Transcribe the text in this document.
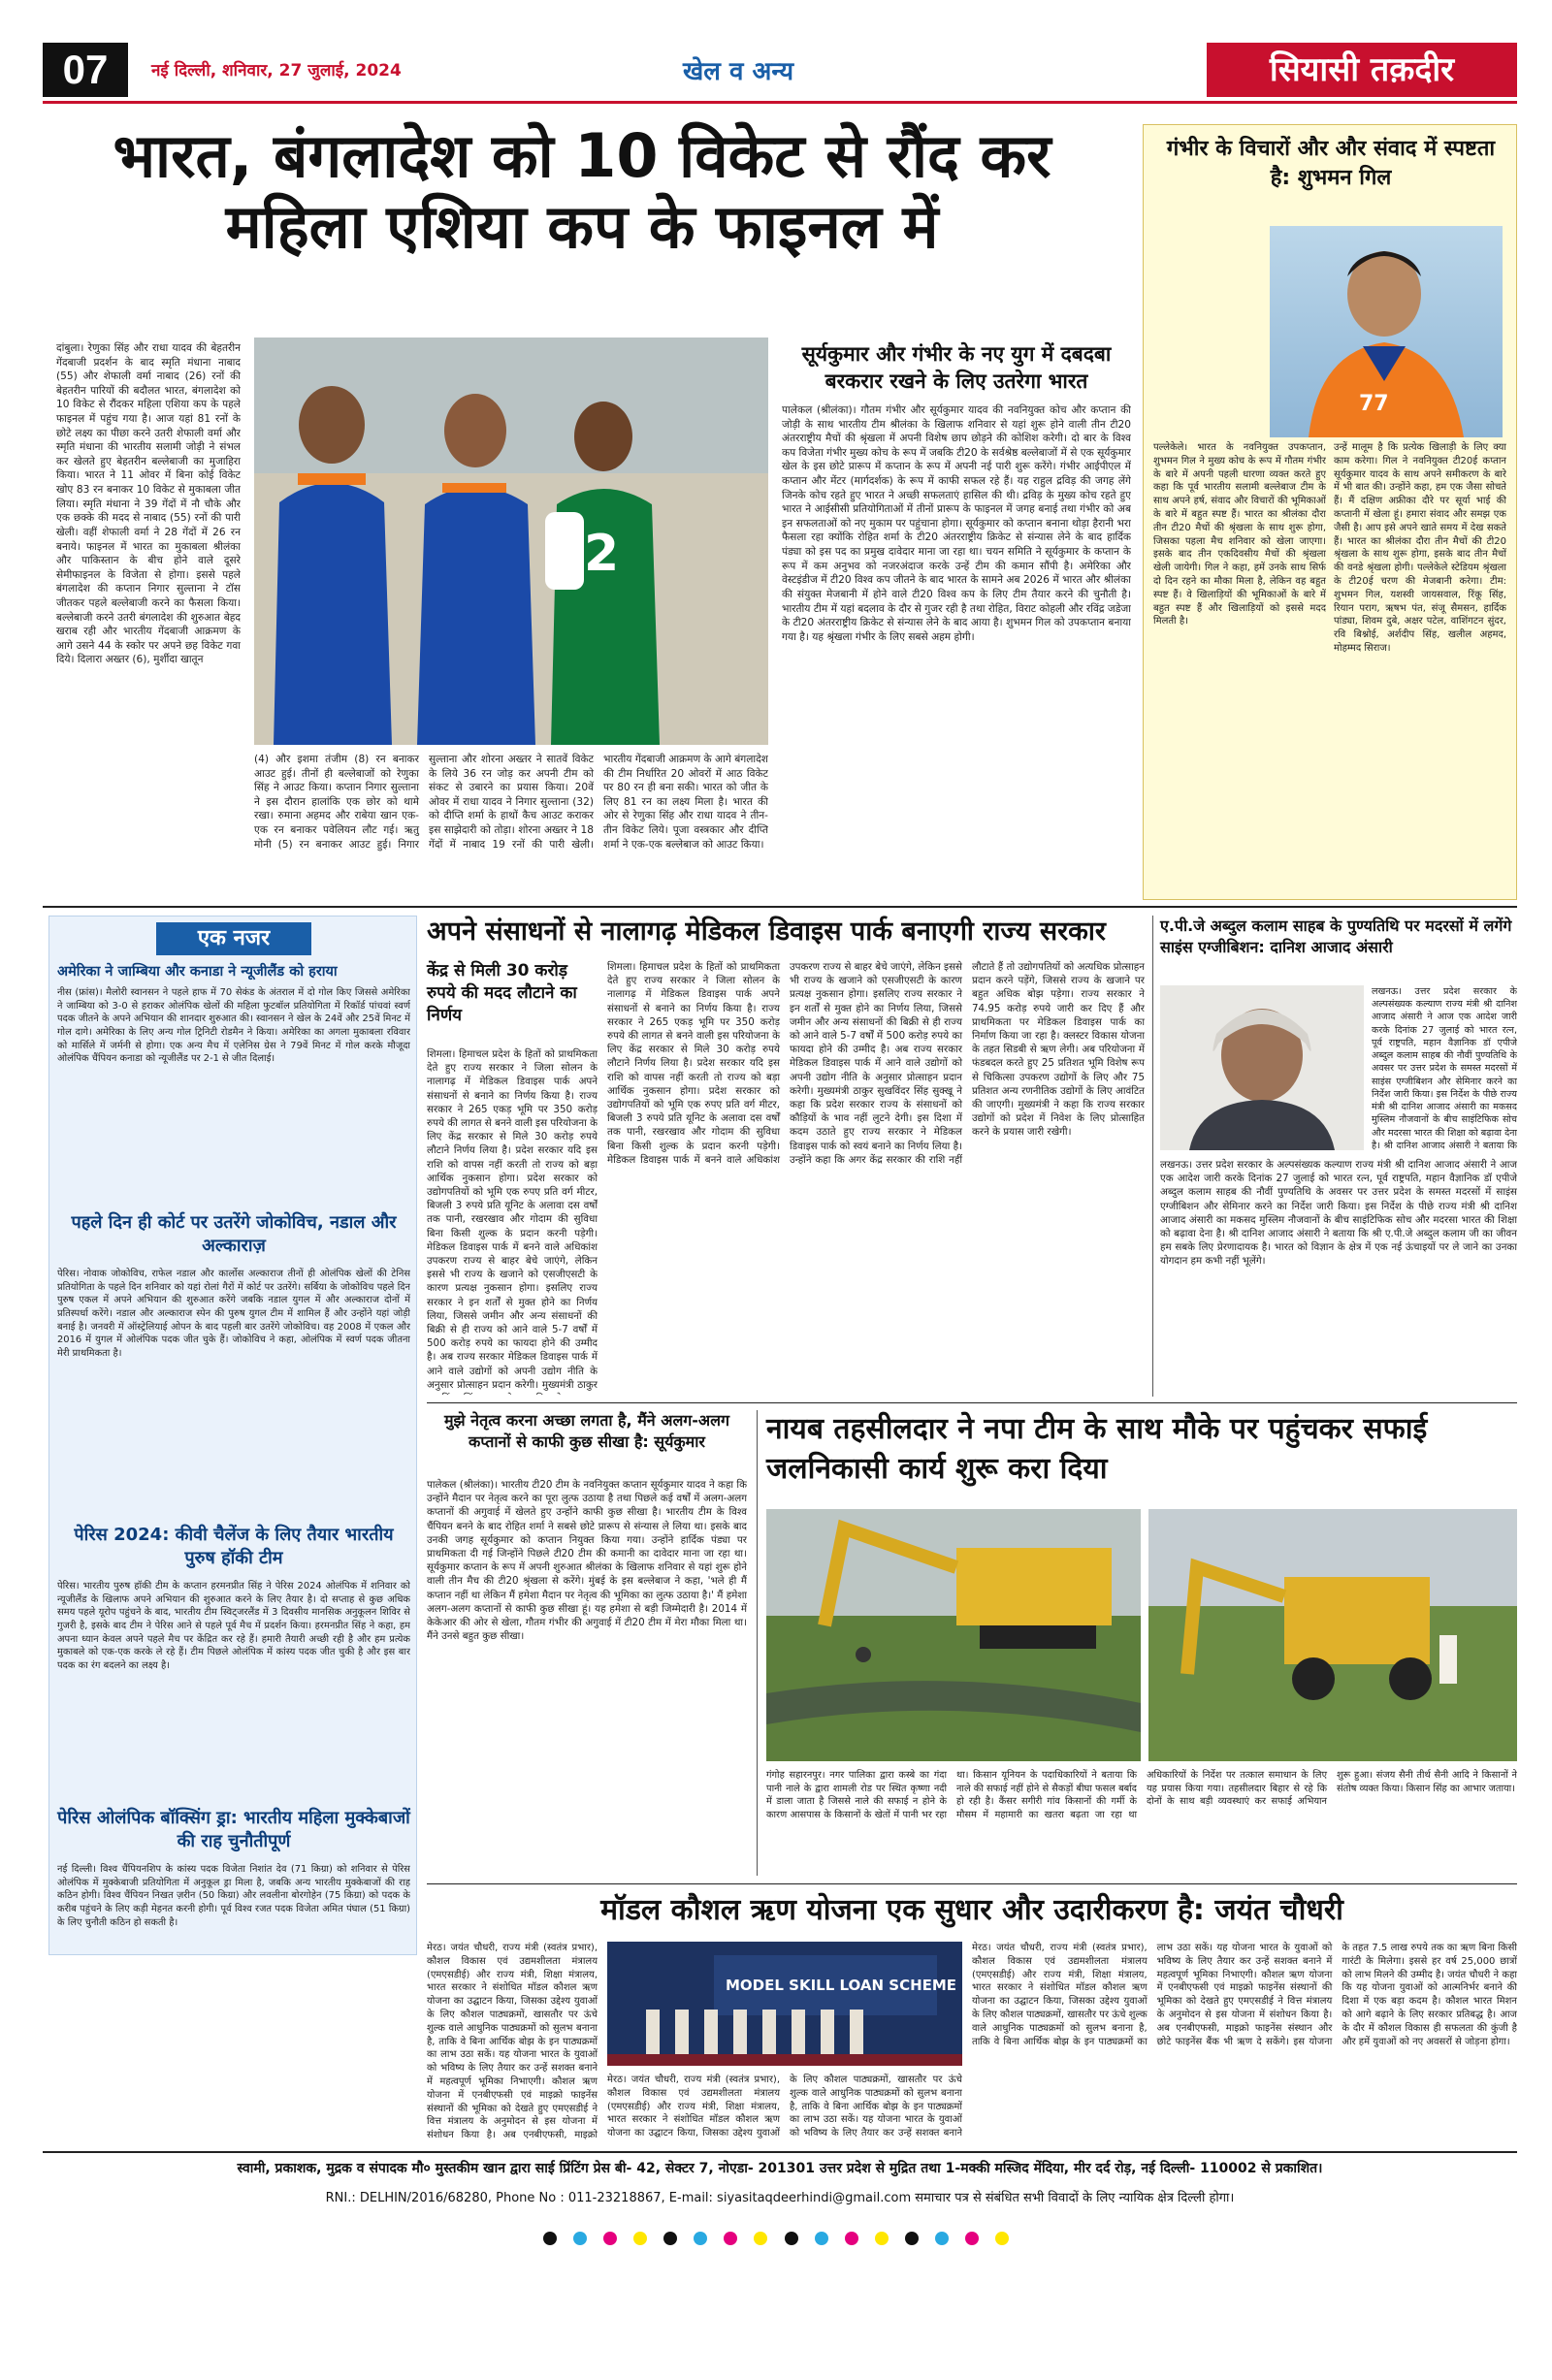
07	नई दिल्ली, शनिवार, 27 जुलाई, 2024	खेल व अन्य	सियासी तक़दीर
भारत, बंगलादेश को 10 विकेट से रौंद कर महिला एशिया कप के फाइनल में
गंभीर के विचारों और और संवाद में स्पष्टता है: शुभमन गिल
77
पल्लेकेले। भारत के नवनियुक्त उपकप्तान, शुभमन गिल ने मुख्य कोच के रूप में गौतम गंभीर के बारे में अपनी पहली धारणा व्यक्त करते हुए कहा कि पूर्व भारतीय सलामी बल्लेबाज टीम के साथ अपने हर्ष, संवाद और विचारों की भूमिकाओं के बारे में बहुत स्पष्ट हैं। भारत का श्रीलंका दौरा तीन टी20 मैचों की श्रृंखला के साथ शुरू होगा, जिसका पहला मैच शनिवार को खेला जाएगा। इसके बाद तीन एकदिवसीय मैचों की श्रृंखला खेली जायेगी। गिल ने कहा, हमें उनके साथ सिर्फ दो दिन रहने का मौका मिला है, लेकिन वह बहुत स्पष्ट हैं। वे खिलाड़ियों की भूमिकाओं के बारे में बहुत स्पष्ट हैं और खिलाड़ियों को इससे मदद मिलती है।
उन्हें मालूम है कि प्रत्येक खिलाड़ी के लिए क्या काम करेगा। गिल ने नवनियुक्त टी20ई कप्तान सूर्यकुमार यादव के साथ अपने समीकरण के बारे में भी बात की। उन्होंने कहा, हम एक जैसा सोचते हैं। मैं दक्षिण अफ्रीका दौरे पर सूर्या भाई की कप्तानी में खेला हूं। हमारा संवाद और समझ एक जैसी है। आप इसे अपने खाते समय में देख सकते हैं। भारत का श्रीलंका दौरा तीन मैचों की टी20 श्रृंखला के साथ शुरू होगा, इसके बाद तीन मैचों की वनडे श्रृंखला होगी। पल्लेकेले स्टेडियम श्रृंखला के टी20ई चरण की मेजबानी करेगा। टीम: शुभमन गिल, यशस्वी जायसवाल, रिंकू सिंह, रियान पराग, ऋषभ पंत, संजू सैमसन, हार्दिक पांड्या, शिवम दुबे, अक्षर पटेल, वाशिंगटन सुंदर, रवि बिश्नोई, अर्शदीप सिंह, खलील अहमद, मोहम्मद सिराज।
दांबुला। रेणुका सिंह और राधा यादव की बेहतरीन गेंदबाजी प्रदर्शन के बाद स्मृति मंधाना नाबाद (55) और शेफाली वर्मा नाबाद (26) रनों की बेहतरीन पारियों की बदौलत भारत, बंगलादेश को 10 विकेट से रौंदकर महिला एशिया कप के पहले फाइनल में पहुंच गया है। आज यहां 81 रनों के छोटे लक्ष्य का पीछा करने उतरी शेफाली वर्मा और स्मृति मंधाना की भारतीय सलामी जोड़ी ने संभल कर खेलते हुए बेहतरीन बल्लेबाजी का मुजाहिरा किया। भारत ने 11 ओवर में बिना कोई विकेट खोए 83 रन बनाकर 10 विकेट से मुकाबला जीत लिया। स्मृति मंधाना ने 39 गेंदों में नौ चौके और एक छक्के की मदद से नाबाद (55) रनों की पारी खेली। वहीं शेफाली वर्मा ने 28 गेंदों में 26 रन बनाये। फाइनल में भारत का मुकाबला श्रीलंका और पाकिस्तान के बीच होने वाले दूसरे सेमीफाइनल के विजेता से होगा। इससे पहले बंगलादेश की कप्तान निगार सुल्ताना ने टॉस जीतकर पहले बल्लेबाजी करने का फैसला किया। बल्लेबाजी करने उतरी बंगलादेश की शुरुआत बेहद खराब रही और भारतीय गेंदबाजी आक्रमण के आगे उसने 44 के स्कोर पर अपने छह विकेट गवा दिये। दिलारा अख्तर (6), मुर्शीदा खातून
2
(4) और इशमा तंजीम (8) रन बनाकर आउट हुई। तीनों ही बल्लेबाजों को रेणुका सिंह ने आउट किया। कप्तान निगार सुल्ताना ने इस दौरान हालांकि एक छोर को थामे रखा। रुमाना अहमद और राबेया खान एक-एक रन बनाकर पवेलियन लौट गई। ऋतु मोनी (5) रन बनाकर आउट हुई। निगार सुल्ताना और शोरना अख्तर ने सातवें विकेट के लिये 36 रन जोड़ कर अपनी टीम को संकट से उबारने का प्रयास किया। 20वें ओवर में राधा यादव ने निगार सुल्ताना (32) को दीप्ति शर्मा के हाथों कैच आउट कराकर इस साझेदारी को तोड़ा। शोरना अख्तर ने 18 गेंदों में नाबाद 19 रनों की पारी खेली। भारतीय गेंदबाजी आक्रमण के आगे बंगलादेश की टीम निर्धारित 20 ओवरों में आठ विकेट पर 80 रन ही बना सकी। भारत को जीत के लिए 81 रन का लक्ष्य मिला है। भारत की ओर से रेणुका सिंह और राधा यादव ने तीन-तीन विकेट लिये। पूजा वस्त्रकार और दीप्ति शर्मा ने एक-एक बल्लेबाज को आउट किया।
सूर्यकुमार और गंभीर के नए युग में दबदबा बरकरार रखने के लिए उतरेगा भारत
पालेकल (श्रीलंका)। गौतम गंभीर और सूर्यकुमार यादव की नवनियुक्त कोच और कप्तान की जोड़ी के साथ भारतीय टीम श्रीलंका के खिलाफ शनिवार से यहां शुरू होने वाली तीन टी20 अंतरराष्ट्रीय मैचों की श्रृंखला में अपनी विशेष छाप छोड़ने की कोशिश करेगी। दो बार के विश्व कप विजेता गंभीर मुख्य कोच के रूप में जबकि टी20 के सर्वश्रेष्ठ बल्लेबाजों में से एक सूर्यकुमार खेल के इस छोटे प्रारूप में कप्तान के रूप में अपनी नई पारी शुरू करेंगे। गंभीर आईपीएल में कप्तान और मेंटर (मार्गदर्शक) के रूप में काफी सफल रहे हैं। यह राहुल द्रविड़ की जगह लेंगे जिनके कोच रहते हुए भारत ने अच्छी सफलताएं हासिल की थी। द्रविड़ के मुख्य कोच रहते हुए भारत ने आईसीसी प्रतियोगिताओं में तीनों प्रारूप के फाइनल में जगह बनाई तथा गंभीर को अब इन सफलताओं को नए मुकाम पर पहुंचाना होगा। सूर्यकुमार को कप्तान बनाना थोड़ा हैरानी भरा फैसला रहा क्योंकि रोहित शर्मा के टी20 अंतरराष्ट्रीय क्रिकेट से संन्यास लेने के बाद हार्दिक पंड्या को इस पद का प्रमुख दावेदार माना जा रहा था। चयन समिति ने सूर्यकुमार के कप्तान के रूप में कम अनुभव को नजरअंदाज करके उन्हें टीम की कमान सौंपी है। अमेरिका और वेस्टइंडीज में टी20 विश्व कप जीतने के बाद भारत के सामने अब 2026 में भारत और श्रीलंका की संयुक्त मेजबानी में होने वाले टी20 विश्व कप के लिए टीम तैयार करने की चुनौती है। भारतीय टीम में यहां बदलाव के दौर से गुजर रही है तथा रोहित, विराट कोहली और रविंद्र जडेजा के टी20 अंतरराष्ट्रीय क्रिकेट से संन्यास लेने के बाद आया है। शुभमन गिल को उपकप्तान बनाया गया है। यह श्रृंखला गंभीर के लिए सबसे अहम होगी।
एक नजर
अमेरिका ने जाम्बिया और कनाडा ने न्यूजीलैंड को हराया
नीस (फ्रांस)। मैलोरी स्वानसन ने पहले हाफ में 70 सेकंड के अंतराल में दो गोल किए जिससे अमेरिका ने जाम्बिया को 3-0 से हराकर ओलंपिक खेलों की महिला फुटबॉल प्रतियोगिता में रिकॉर्ड पांचवां स्वर्ण पदक जीतने के अपने अभियान की शानदार शुरुआत की। स्वानसन ने खेल के 24वें और 25वें मिनट में गोल दागे। अमेरिका के लिए अन्य गोल ट्रिनिटी रोडमैन ने किया। अमेरिका का अगला मुकाबला रविवार को मार्सिले में जर्मनी से होगा। एक अन्य मैच में एलेनिस ग्रेस ने 79वें मिनट में गोल करके मौजूदा ओलंपिक चैंपियन कनाडा को न्यूजीलैंड पर 2-1 से जीत दिलाई।
पहले दिन ही कोर्ट पर उतरेंगे जोकोविच, नडाल और अल्काराज़
पेरिस। नोवाक जोकोविच, राफेल नडाल और कार्लोस अल्काराज तीनों ही ओलंपिक खेलों की टेनिस प्रतियोगिता के पहले दिन शनिवार को यहां रोलां गैरों में कोर्ट पर उतरेंगे। सर्बिया के जोकोविच पहले दिन पुरुष एकल में अपने अभियान की शुरुआत करेंगे जबकि नडाल युगल में और अल्काराज दोनों में प्रतिस्पर्धा करेंगे। नडाल और अल्काराज स्पेन की पुरुष युगल टीम में शामिल हैं और उन्होंने यहां जोड़ी बनाई है। जनवरी में ऑस्ट्रेलियाई ओपन के बाद पहली बार उतरेंगे जोकोविच। वह 2008 में एकल और 2016 में युगल में ओलंपिक पदक जीत चुके हैं। जोकोविच ने कहा, ओलंपिक में स्वर्ण पदक जीतना मेरी प्राथमिकता है।
पेरिस 2024: कीवी चैलेंज के लिए तैयार भारतीय पुरुष हॉकी टीम
पेरिस। भारतीय पुरुष हॉकी टीम के कप्तान हरमनप्रीत सिंह ने पेरिस 2024 ओलंपिक में शनिवार को न्यूजीलैंड के खिलाफ अपने अभियान की शुरुआत करने के लिए तैयार है। दो सप्ताह से कुछ अधिक समय पहले यूरोप पहुंचने के बाद, भारतीय टीम स्विट्जरलैंड में 3 दिवसीय मानसिक अनुकूलन शिविर से गुजरी है, इसके बाद टीम ने पेरिस आने से पहले पूर्व मैच में प्रदर्शन किया। हरमनप्रीत सिंह ने कहा, हम अपना ध्यान केवल अपने पहले मैच पर केंद्रित कर रहे हैं। हमारी तैयारी अच्छी रही है और हम प्रत्येक मुकाबले को एक-एक करके ले रहे हैं। टीम पिछले ओलंपिक में कांस्य पदक जीत चुकी है और इस बार पदक का रंग बदलने का लक्ष्य है।
पेरिस ओलंपिक बॉक्सिंग ड्रा: भारतीय महिला मुक्केबाजों की राह चुनौतीपूर्ण
नई दिल्ली। विश्व चैंपियनशिप के कांस्य पदक विजेता निशांत देव (71 किग्रा) को शनिवार से पेरिस ओलंपिक में मुक्केबाजी प्रतियोगिता में अनुकूल ड्रा मिला है, जबकि अन्य भारतीय मुक्केबाजों की राह कठिन होगी। विश्व चैंपियन निखत ज़रीन (50 किग्रा) और लवलीना बोरगोहेन (75 किग्रा) को पदक के करीब पहुंचने के लिए कड़ी मेहनत करनी होगी। पूर्व विश्व रजत पदक विजेता अमित पंघाल (51 किग्रा) के लिए चुनौती कठिन हो सकती है।
अपने संसाधनों से नालागढ़ मेडिकल डिवाइस पार्क बनाएगी राज्य सरकार
केंद्र से मिली 30 करोड़ रुपये की मदद लौटाने का निर्णय
शिमला। हिमाचल प्रदेश के हितों को प्राथमिकता देते हुए राज्य सरकार ने जिला सोलन के नालागढ़ में मेडिकल डिवाइस पार्क अपने संसाधनों से बनाने का निर्णय किया है। राज्य सरकार ने 265 एकड़ भूमि पर 350 करोड़ रुपये की लागत से बनने वाली इस परियोजना के लिए केंद्र सरकार से मिले 30 करोड़ रुपये लौटाने निर्णय लिया है। प्रदेश सरकार यदि इस राशि को वापस नहीं करती तो राज्य को बड़ा आर्थिक नुकसान होगा। प्रदेश सरकार को उद्योगपतियों को भूमि एक रुपए प्रति वर्ग मीटर, बिजली 3 रुपये प्रति यूनिट के अलावा दस वर्षों तक पानी, रखरखाव और गोदाम की सुविधा बिना किसी शुल्क के प्रदान करनी पड़ेगी। मेडिकल डिवाइस पार्क में बनने वाले अधिकांश उपकरण राज्य से बाहर बेचे जाएंगे, लेकिन इससे भी राज्य के खजाने को एसजीएसटी के कारण प्रत्यक्ष नुकसान होगा। इसलिए राज्य सरकार ने इन शर्तों से मुक्त होने का निर्णय लिया, जिससे जमीन और अन्य संसाधनों की बिक्री से ही राज्य को आने वाले 5-7 वर्षों में 500 करोड़ रुपये का फायदा होने की उम्मीद है। अब राज्य सरकार मेडिकल डिवाइस पार्क में आने वाले उद्योगों को अपनी उद्योग नीति के अनुसार प्रोत्साहन प्रदान करेगी। मुख्यमंत्री ठाकुर
शिमला। हिमाचल प्रदेश के हितों को प्राथमिकता देते हुए राज्य सरकार ने जिला सोलन के नालागढ़ में मेडिकल डिवाइस पार्क अपने संसाधनों से बनाने का निर्णय किया है। राज्य सरकार ने 265 एकड़ भूमि पर 350 करोड़ रुपये की लागत से बनने वाली इस परियोजना के लिए केंद्र सरकार से मिले 30 करोड़ रुपये लौटाने निर्णय लिया है। प्रदेश सरकार यदि इस राशि को वापस नहीं करती तो राज्य को बड़ा आर्थिक नुकसान होगा। प्रदेश सरकार को उद्योगपतियों को भूमि एक रुपए प्रति वर्ग मीटर, बिजली 3 रुपये प्रति यूनिट के अलावा दस वर्षों तक पानी, रखरखाव और गोदाम की सुविधा बिना किसी शुल्क के प्रदान करनी पड़ेगी। मेडिकल डिवाइस पार्क में बनने वाले अधिकांश उपकरण राज्य से बाहर बेचे जाएंगे, लेकिन इससे भी राज्य के खजाने को एसजीएसटी के कारण प्रत्यक्ष नुकसान होगा। इसलिए राज्य सरकार ने इन शर्तों से मुक्त होने का निर्णय लिया, जिससे जमीन और अन्य संसाधनों की बिक्री से ही राज्य को आने वाले 5-7 वर्षों में 500 करोड़ रुपये का फायदा होने की उम्मीद है। अब राज्य सरकार मेडिकल डिवाइस पार्क में आने वाले उद्योगों को अपनी उद्योग नीति के अनुसार प्रोत्साहन प्रदान करेगी। मुख्यमंत्री ठाकुर सुखविंदर सिंह सुक्खू ने कहा कि प्रदेश सरकार राज्य के संसाधनों को कौड़ियों के भाव नहीं लुटने देगी। इस दिशा में कदम उठाते हुए राज्य सरकार ने मेडिकल डिवाइस पार्क को स्वयं बनाने का निर्णय लिया है। उन्होंने कहा कि अगर केंद्र सरकार की राशि नहीं लौटाते हैं तो उद्योगपतियों को अत्यधिक प्रोत्साहन प्रदान करने पड़ेंगे, जिससे राज्य के खजाने पर बहुत अधिक बोझ पड़ेगा। राज्य सरकार ने 74.95 करोड़ रुपये जारी कर दिए हैं और प्राथमिकता पर मेडिकल डिवाइस पार्क का निर्माण किया जा रहा है। क्लस्टर विकास योजना के तहत सिडबी से ऋण लेगी। अब परियोजना में फंडबदल करते हुए 25 प्रतिशत भूमि विशेष रूप से चिकित्सा उपकरण उद्योगों के लिए और 75 प्रतिशत अन्य रणनीतिक उद्योगों के लिए आवंटित की जाएगी। मुख्यमंत्री ने कहा कि राज्य सरकार उद्योगों को प्रदेश में निवेश के लिए प्रोत्साहित करने के प्रयास जारी रखेगी।
ए.पी.जे अब्दुल कलाम साहब के पुण्यतिथि पर मदरसों में लगेंगे साइंस एग्जीबिशन: दानिश आजाद अंसारी
लखनऊ। उत्तर प्रदेश सरकार के अल्पसंख्यक कल्याण राज्य मंत्री श्री दानिश आजाद अंसारी ने आज एक आदेश जारी करके दिनांक 27 जुलाई को भारत रत्न, पूर्व राष्ट्रपति, महान वैज्ञानिक डॉ एपीजे अब्दुल कलाम साहब की नौवीं पुण्यतिथि के अवसर पर उत्तर प्रदेश के समस्त मदरसों में साइंस एग्जीबिशन और सेमिनार करने का निर्देश जारी किया। इस निर्देश के पीछे राज्य मंत्री श्री दानिश आजाद अंसारी का मकसद मुस्लिम नौजवानों के बीच साइंटिफिक सोच और मदरसा भारत की शिक्षा को बढ़ावा देना है। श्री दानिश आजाद अंसारी ने बताया कि
लखनऊ। उत्तर प्रदेश सरकार के अल्पसंख्यक कल्याण राज्य मंत्री श्री दानिश आजाद अंसारी ने आज एक आदेश जारी करके दिनांक 27 जुलाई को भारत रत्न, पूर्व राष्ट्रपति, महान वैज्ञानिक डॉ एपीजे अब्दुल कलाम साहब की नौवीं पुण्यतिथि के अवसर पर उत्तर प्रदेश के समस्त मदरसों में साइंस एग्जीबिशन और सेमिनार करने का निर्देश जारी किया। इस निर्देश के पीछे राज्य मंत्री श्री दानिश आजाद अंसारी का मकसद मुस्लिम नौजवानों के बीच साइंटिफिक सोच और मदरसा भारत की शिक्षा को बढ़ावा देना है। श्री दानिश आजाद अंसारी ने बताया कि श्री ए.पी.जे अब्दुल कलाम जी का जीवन हम सबके लिए प्रेरणादायक है। भारत को विज्ञान के क्षेत्र में एक नई ऊंचाइयों पर ले जाने का उनका योगदान हम कभी नहीं भूलेंगे।
मुझे नेतृत्व करना अच्छा लगता है, मैंने अलग-अलग कप्तानों से काफी कुछ सीखा है: सूर्यकुमार
पालेकल (श्रीलंका)। भारतीय टी20 टीम के नवनियुक्त कप्तान सूर्यकुमार यादव ने कहा कि उन्होंने मैदान पर नेतृत्व करने का पूरा लुत्फ उठाया है तथा पिछले कई वर्षों में अलग-अलग कप्तानों की अगुवाई में खेलते हुए उन्होंने काफी कुछ सीखा है। भारतीय टीम के विश्व चैंपियन बनने के बाद रोहित शर्मा ने सबसे छोटे प्रारूप से संन्यास ले लिया था। इसके बाद उनकी जगह सूर्यकुमार को कप्तान नियुक्त किया गया। उन्होंने हार्दिक पंड्या पर प्राथमिकता दी गई जिन्होंने पिछले टी20 टीम की कमानी का दावेदार माना जा रहा था। सूर्यकुमार कप्तान के रूप में अपनी शुरुआत श्रीलंका के खिलाफ शनिवार से यहां शुरू होने वाली तीन मैच की टी20 श्रृंखला से करेंगे। मुंबई के इस बल्लेबाज ने कहा, 'भले ही मैं कप्तान नहीं था लेकिन मैं हमेशा मैदान पर नेतृत्व की भूमिका का लुत्फ उठाया है।' मैं हमेशा अलग-अलग कप्तानों से काफी कुछ सीखा हूं। यह हमेशा से बड़ी जिम्मेदारी है। 2014 में केकेआर की ओर से खेला, गौतम गंभीर की अगुवाई में टी20 टीम में मेरा मौका मिला था। मैंने उनसे बहुत कुछ सीखा।
नायब तहसीलदार ने नपा टीम के साथ मौके पर पहुंचकर सफाई जलनिकासी कार्य शुरू करा दिया
गंगोह सहारनपुर। नगर पालिका द्वारा कस्बे का गंदा पानी नाले के द्वारा शामली रोड पर स्थित कृष्णा नदी में डाला जाता है जिससे नाले की सफाई न होने के कारण आसपास के किसानों के खेतों में पानी भर रहा था। किसान यूनियन के पदाधिकारियों ने बताया कि नाले की सफाई नहीं होने से सैकड़ों बीघा फसल बर्बाद हो रही है। कैंसर सगीरी गांव किसानों की गर्मी के मौसम में महामारी का खतरा बढ़ता जा रहा था अधिकारियों के निर्देश पर तत्काल समाधान के लिए यह प्रयास किया गया। तहसीलदार बिहार से रहे कि दोनों के साथ बड़ी व्यवस्थाएं कर सफाई अभियान शुरू हुआ। संजय सैनी तीर्थ सैनी आदि ने किसानों ने संतोष व्यक्त किया। किसान सिंह का आभार जताया।
मॉडल कौशल ऋण योजना एक सुधार और उदारीकरण है: जयंत चौधरी
मेरठ। जयंत चौधरी, राज्य मंत्री (स्वतंत्र प्रभार), कौशल विकास एवं उद्यमशीलता मंत्रालय (एमएसडीई) और राज्य मंत्री, शिक्षा मंत्रालय, भारत सरकार ने संशोधित मॉडल कौशल ऋण योजना का उद्घाटन किया, जिसका उद्देश्य युवाओं के लिए कौशल पाठ्यक्रमों, खासतौर पर ऊंचे शुल्क वाले आधुनिक पाठ्यक्रमों को सुलभ बनाना है, ताकि वे बिना आर्थिक बोझ के इन पाठ्यक्रमों का लाभ उठा सकें। यह योजना भारत के युवाओं को भविष्य के लिए तैयार कर उन्हें सशक्त बनाने में महत्वपूर्ण भूमिका निभाएगी। कौशल ऋण योजना में एनबीएफसी एवं माइक्रो फाइनेंस संस्थानों की भूमिका को देखते हुए एमएसडीई ने वित्त मंत्रालय के अनुमोदन से इस योजना में संशोधन किया है। अब एनबीएफसी, माइक्रो
MODEL SKILL LOAN SCHEME
मेरठ। जयंत चौधरी, राज्य मंत्री (स्वतंत्र प्रभार), कौशल विकास एवं उद्यमशीलता मंत्रालय (एमएसडीई) और राज्य मंत्री, शिक्षा मंत्रालय, भारत सरकार ने संशोधित मॉडल कौशल ऋण योजना का उद्घाटन किया, जिसका उद्देश्य युवाओं के लिए कौशल पाठ्यक्रमों, खासतौर पर ऊंचे शुल्क वाले आधुनिक पाठ्यक्रमों को सुलभ बनाना है, ताकि वे बिना आर्थिक बोझ के इन पाठ्यक्रमों का लाभ उठा सकें। यह योजना भारत के युवाओं को भविष्य के लिए तैयार कर उन्हें सशक्त बनाने
मेरठ। जयंत चौधरी, राज्य मंत्री (स्वतंत्र प्रभार), कौशल विकास एवं उद्यमशीलता मंत्रालय (एमएसडीई) और राज्य मंत्री, शिक्षा मंत्रालय, भारत सरकार ने संशोधित मॉडल कौशल ऋण योजना का उद्घाटन किया, जिसका उद्देश्य युवाओं के लिए कौशल पाठ्यक्रमों, खासतौर पर ऊंचे शुल्क वाले आधुनिक पाठ्यक्रमों को सुलभ बनाना है, ताकि वे बिना आर्थिक बोझ के इन पाठ्यक्रमों का लाभ उठा सकें। यह योजना भारत के युवाओं को भविष्य के लिए तैयार कर उन्हें सशक्त बनाने में महत्वपूर्ण भूमिका निभाएगी। कौशल ऋण योजना में एनबीएफसी एवं माइक्रो फाइनेंस संस्थानों की भूमिका को देखते हुए एमएसडीई ने वित्त मंत्रालय के अनुमोदन से इस योजना में संशोधन किया है। अब एनबीएफसी, माइक्रो फाइनेंस संस्थान और छोटे फाइनेंस बैंक भी ऋण दे सकेंगे। इस योजना के तहत 7.5 लाख रुपये तक का ऋण बिना किसी गारंटी के मिलेगा। इससे हर वर्ष 25,000 छात्रों को लाभ मिलने की उम्मीद है। जयंत चौधरी ने कहा कि यह योजना युवाओं को आत्मनिर्भर बनाने की दिशा में एक बड़ा कदम है। कौशल भारत मिशन को आगे बढ़ाने के लिए सरकार प्रतिबद्ध है। आज के दौर में कौशल विकास ही सफलता की कुंजी है और हमें युवाओं को नए अवसरों से जोड़ना होगा।
स्वामी, प्रकाशक, मुद्रक व संपादक मौ० मुस्तकीम खान द्वारा साई प्रिंटिंग प्रेस बी- 42, सेक्टर 7, नोएडा- 201301 उत्तर प्रदेश से मुद्रित तथा 1-मक्की मस्जिद मेंदिया, मीर दर्द रोड़, नई दिल्ली- 110002 से प्रकाशित।
RNI.: DELHIN/2016/68280, Phone No : 011-23218867, E-mail: siyasitaqdeerhindi@gmail.com समाचार पत्र से संबंधित सभी विवादों के लिए न्यायिक क्षेत्र दिल्ली होगा।
